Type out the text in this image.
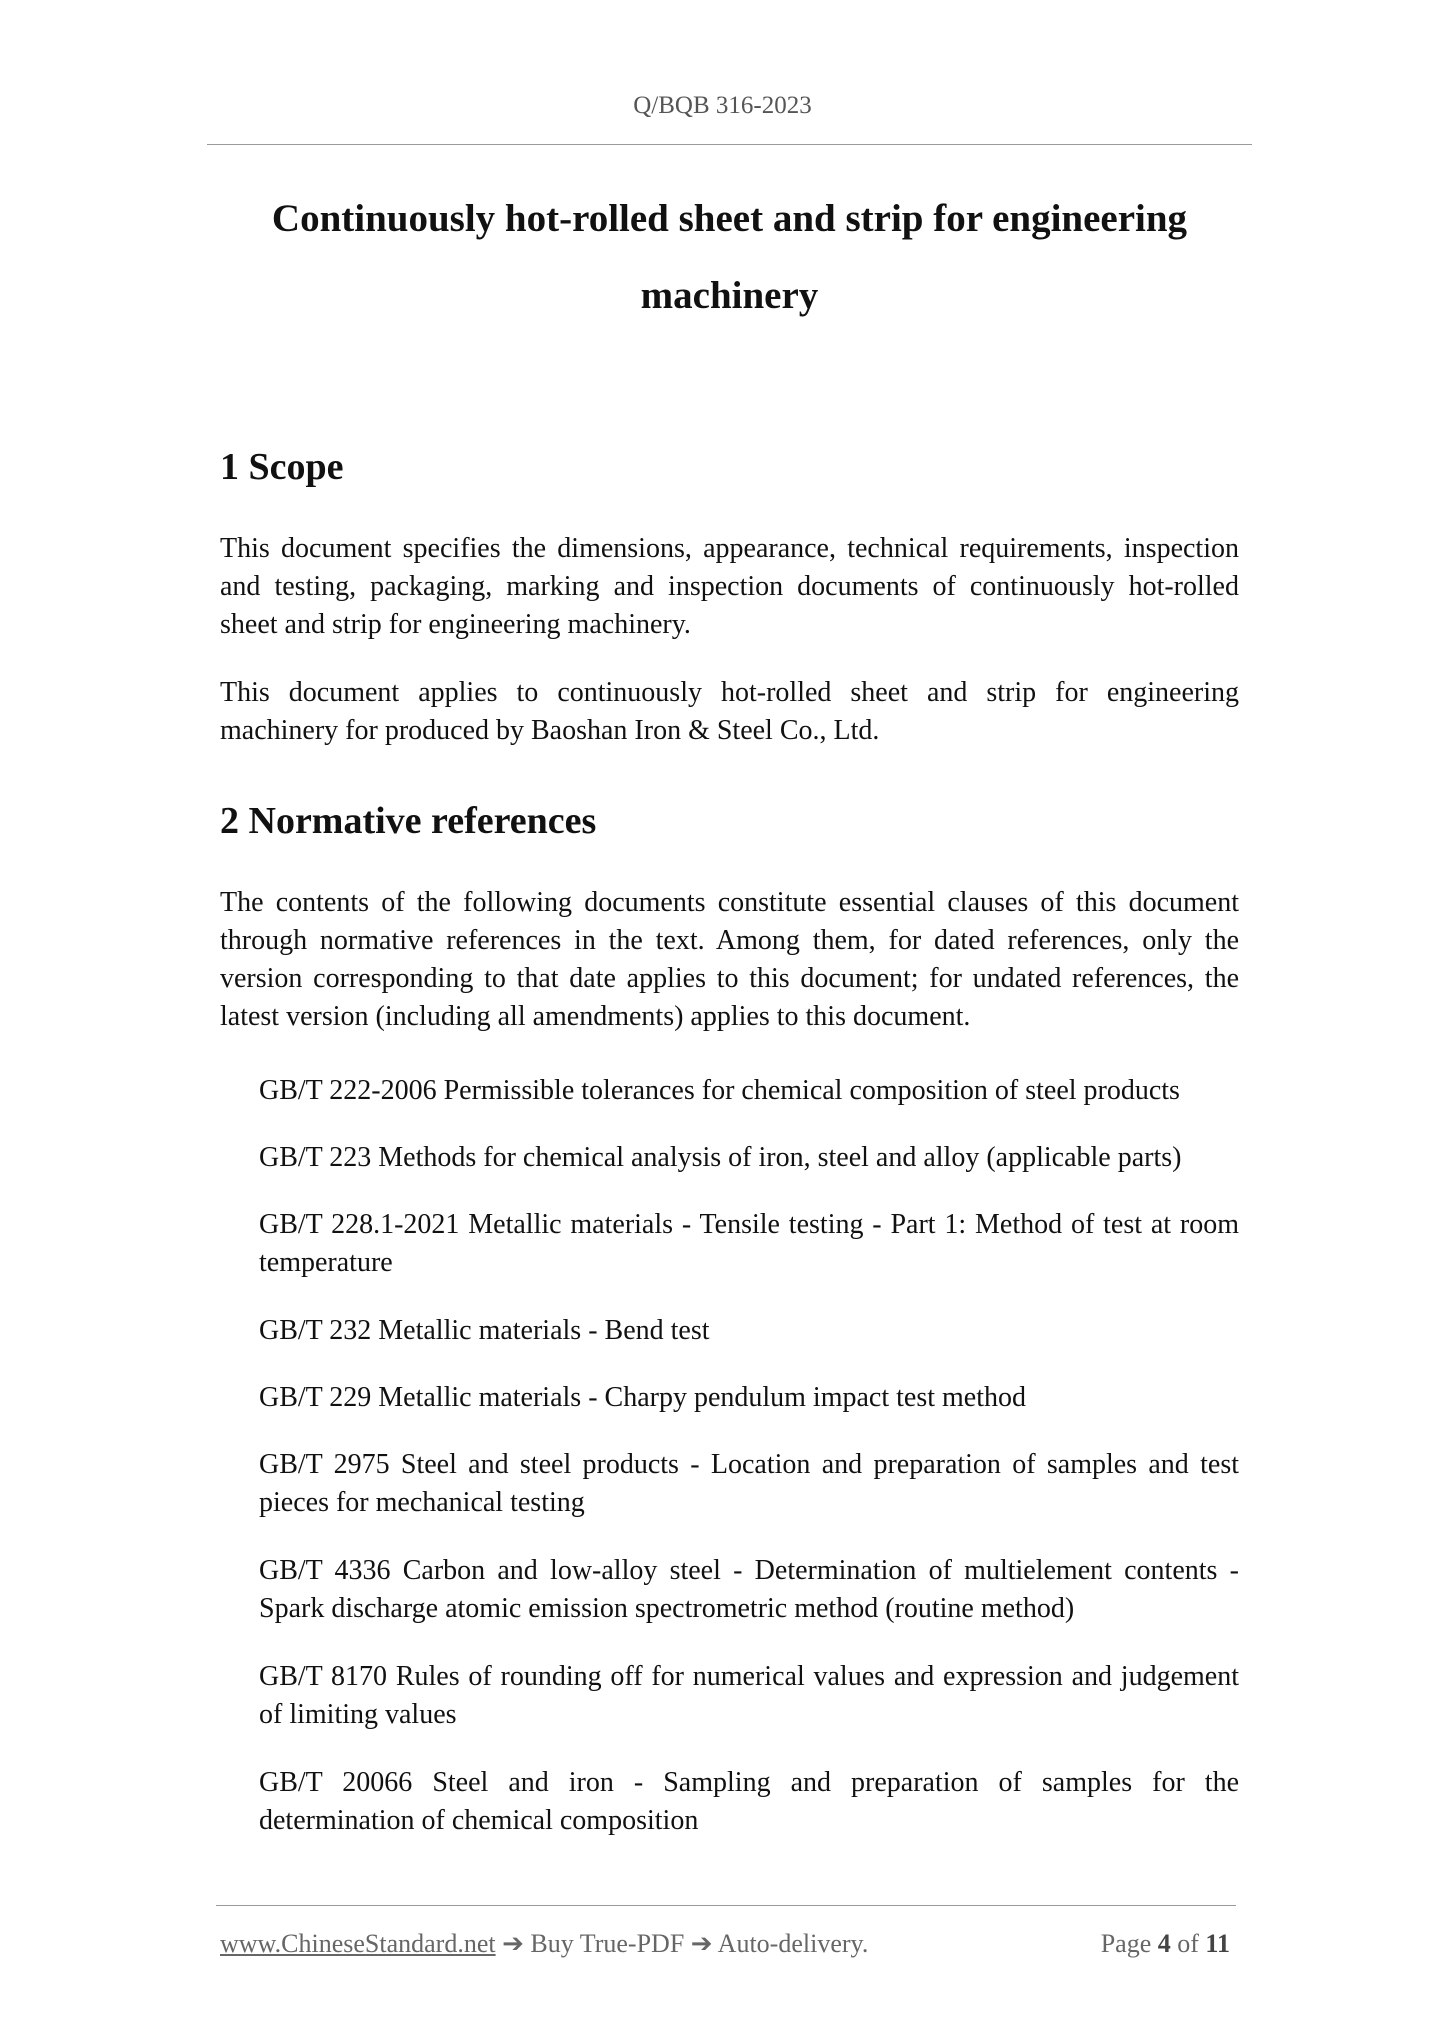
Q/BQB 316-2023
Continuously hot-rolled sheet and strip for engineering
machinery
1 Scope

This document specifies the dimensions, appearance, technical requirements, inspection and testing, packaging, marking and inspection documents of continuously hot-rolled sheet and strip for engineering machinery.

This document applies to continuously hot-rolled sheet and strip for engineering machinery for produced by Baoshan Iron & Steel Co., Ltd.

2 Normative references

The contents of the following documents constitute essential clauses of this document through normative references in the text. Among them, for dated references, only the version corresponding to that date applies to this document; for undated references, the latest version (including all amendments) applies to this document.

GB/T 222-2006 Permissible tolerances for chemical composition of steel products

GB/T 223 Methods for chemical analysis of iron, steel and alloy (applicable parts)

GB/T 228.1-2021 Metallic materials - Tensile testing - Part 1: Method of test at room temperature

GB/T 232 Metallic materials - Bend test

GB/T 229 Metallic materials - Charpy pendulum impact test method

GB/T 2975 Steel and steel products - Location and preparation of samples and test pieces for mechanical testing

GB/T 4336 Carbon and low-alloy steel - Determination of multielement contents - Spark discharge atomic emission spectrometric method (routine method)

GB/T 8170 Rules of rounding off for numerical values and expression and judgement of limiting values

GB/T 20066 Steel and iron - Sampling and preparation of samples for the determination of chemical composition

www.ChineseStandard.net ➔ Buy True-PDF ➔ Auto-delivery.	Page 4 of 11
